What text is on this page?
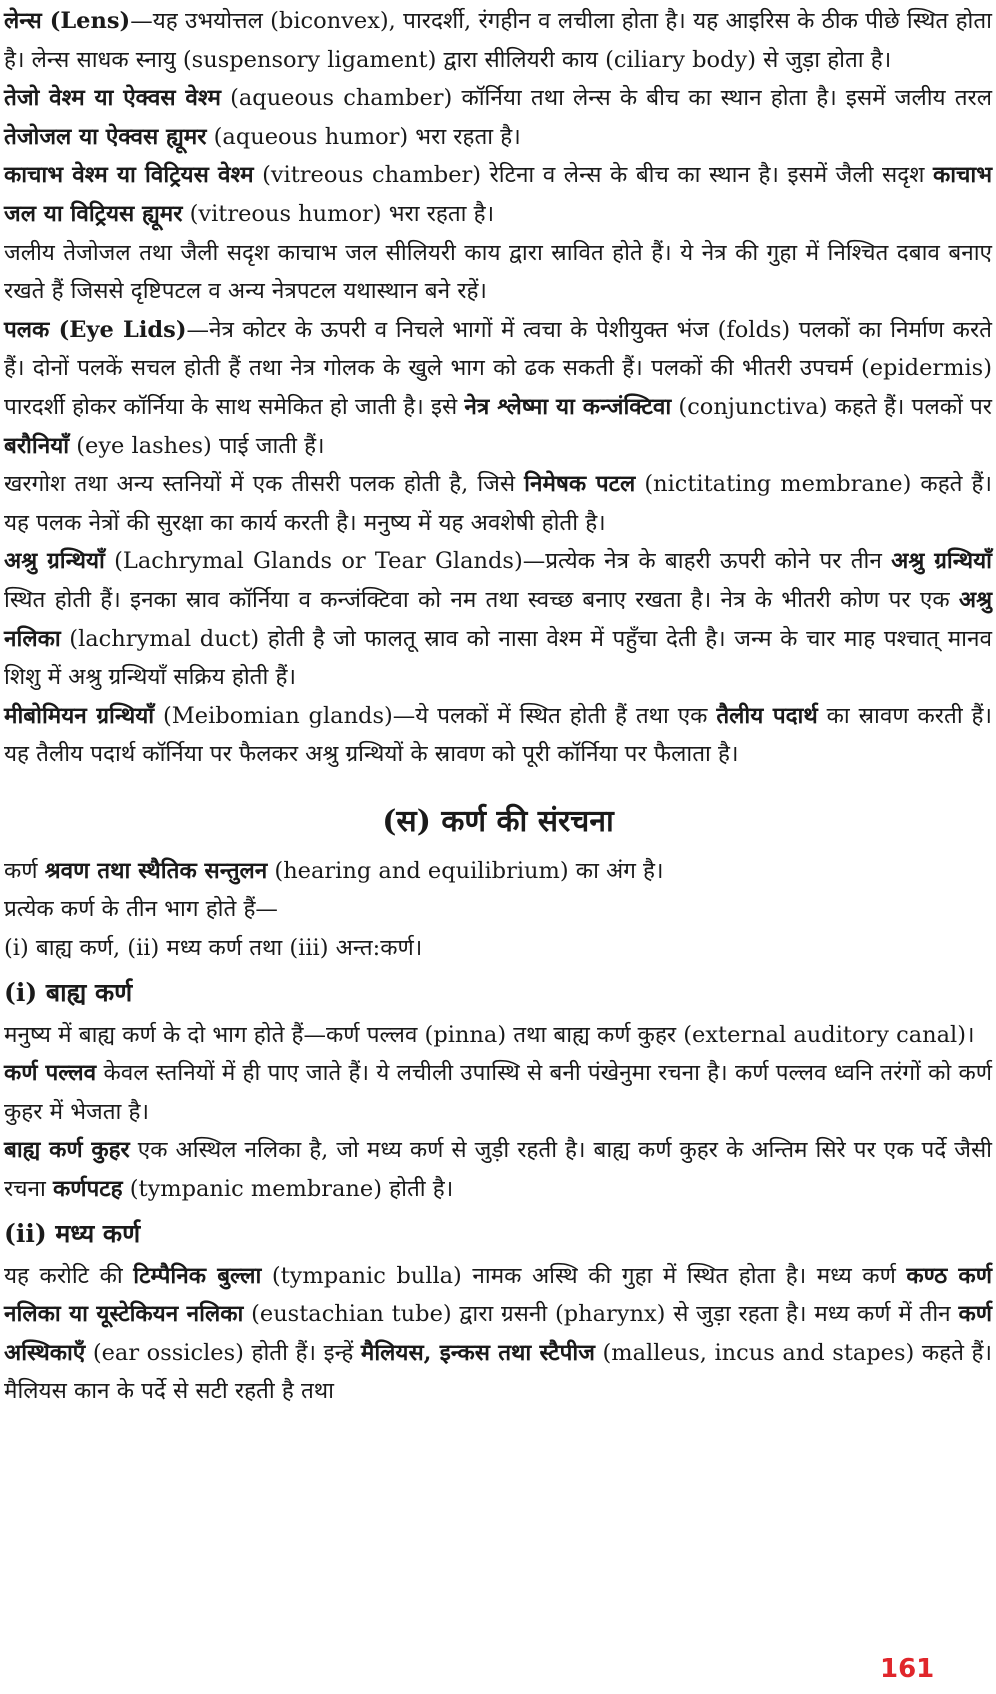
लेन्स (Lens)—यह उभयोत्तल (biconvex), पारदर्शी, रंगहीन व लचीला होता है। यह आइरिस के ठीक पीछे स्थित होता है। लेन्स साधक स्नायु (suspensory ligament) द्वारा सीलियरी काय (ciliary body) से जुड़ा होता है।

तेजो वेश्म या ऐक्वस वेश्म (aqueous chamber) कॉर्निया तथा लेन्स के बीच का स्थान होता है। इसमें जलीय तरल तेजोजल या ऐक्वस ह्यूमर (aqueous humor) भरा रहता है।

काचाभ वेश्म या विट्रियस वेश्म (vitreous chamber) रेटिना व लेन्स के बीच का स्थान है। इसमें जैली सदृश काचाभ जल या विट्रियस ह्यूमर (vitreous humor) भरा रहता है।

जलीय तेजोजल तथा जैली सदृश काचाभ जल सीलियरी काय द्वारा स्रावित होते हैं। ये नेत्र की गुहा में निश्चित दबाव बनाए रखते हैं जिससे दृष्टिपटल व अन्य नेत्रपटल यथास्थान बने रहें।

पलक (Eye Lids)—नेत्र कोटर के ऊपरी व निचले भागों में त्वचा के पेशीयुक्त भंज (folds) पलकों का निर्माण करते हैं। दोनों पलकें सचल होती हैं तथा नेत्र गोलक के खुले भाग को ढक सकती हैं। पलकों की भीतरी उपचर्म (epidermis) पारदर्शी होकर कॉर्निया के साथ समेकित हो जाती है। इसे नेत्र श्लेष्मा या कन्जंक्टिवा (conjunctiva) कहते हैं। पलकों पर बरौनियाँ (eye lashes) पाई जाती हैं।

खरगोश तथा अन्य स्तनियों में एक तीसरी पलक होती है, जिसे निमेषक पटल (nictitating membrane) कहते हैं। यह पलक नेत्रों की सुरक्षा का कार्य करती है। मनुष्य में यह अवशेषी होती है।

अश्रु ग्रन्थियाँ (Lachrymal Glands or Tear Glands)—प्रत्येक नेत्र के बाहरी ऊपरी कोने पर तीन अश्रु ग्रन्थियाँ स्थित होती हैं। इनका स्राव कॉर्निया व कन्जंक्टिवा को नम तथा स्वच्छ बनाए रखता है। नेत्र के भीतरी कोण पर एक अश्रु नलिका (lachrymal duct) होती है जो फालतू स्राव को नासा वेश्म में पहुँचा देती है। जन्म के चार माह पश्चात् मानव शिशु में अश्रु ग्रन्थियाँ सक्रिय होती हैं।

मीबोमियन ग्रन्थियाँ (Meibomian glands)—ये पलकों में स्थित होती हैं तथा एक तैलीय पदार्थ का स्रावण करती हैं। यह तैलीय पदार्थ कॉर्निया पर फैलकर अश्रु ग्रन्थियों के स्रावण को पूरी कॉर्निया पर फैलाता है।

(स) कर्ण की संरचना

कर्ण श्रवण तथा स्थैतिक सन्तुलन (hearing and equilibrium) का अंग है।

प्रत्येक कर्ण के तीन भाग होते हैं—

(i) बाह्य कर्ण, (ii) मध्य कर्ण तथा (iii) अन्त:कर्ण।

(i) बाह्य कर्ण

मनुष्य में बाह्य कर्ण के दो भाग होते हैं—कर्ण पल्लव (pinna) तथा बाह्य कर्ण कुहर (external auditory canal)।

कर्ण पल्लव केवल स्तनियों में ही पाए जाते हैं। ये लचीली उपास्थि से बनी पंखेनुमा रचना है। कर्ण पल्लव ध्वनि तरंगों को कर्ण कुहर में भेजता है।

बाह्य कर्ण कुहर एक अस्थिल नलिका है, जो मध्य कर्ण से जुड़ी रहती है। बाह्य कर्ण कुहर के अन्तिम सिरे पर एक पर्दे जैसी रचना कर्णपटह (tympanic membrane) होती है।

(ii) मध्य कर्ण

यह करोटि की टिम्पैनिक बुल्ला (tympanic bulla) नामक अस्थि की गुहा में स्थित होता है। मध्य कर्ण कण्ठ कर्ण नलिका या यूस्टेकियन नलिका (eustachian tube) द्वारा ग्रसनी (pharynx) से जुड़ा रहता है। मध्य कर्ण में तीन कर्ण अस्थिकाएँ (ear ossicles) होती हैं। इन्हें मैलियस, इन्कस तथा स्टैपीज (malleus, incus and stapes) कहते हैं। मैलियस कान के पर्दे से सटी रहती है तथा

161
